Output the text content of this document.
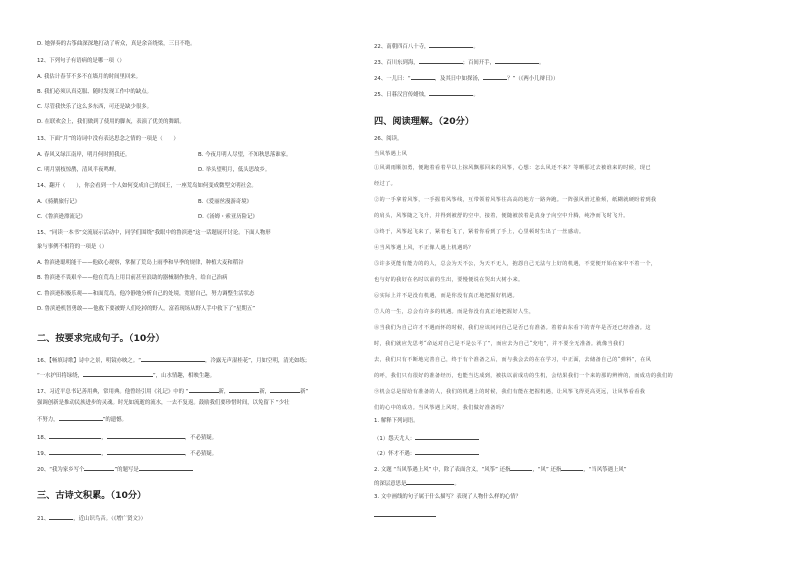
D. 她弹奏的古筝曲深深地打动了听众，真是余音绕梁，三日不绝。
12、下列句子有语病的是哪一项（）
A. 我估计春节不多不在墙月的时间里回来。
B. 我们必须认真克服、随时发现工作中的缺点。
C. 尽管我快乐了这么多东西，可还是缺少很多。
D. 在联欢会上，我们做到了使用的脚灰，表演了优美的舞蹈。
13、下面“月”的诗词中没有表达思念之情的一项是（　　）
A. 春风又绿江南岸，明月何时照我还。	B. 今夜月明人尽望，不知秋思落谁家。
C. 明月别枝惊鹊，清风半夜鸣蝉。	D. 举头望明月，低头思故乡。
14、翻开（　　），你会看到一个人如何变成自己的国王，一座荒岛如何变成微型文明社会。
A.《骑鹅旅行记》	B.《爱丽丝漫游奇境》
C.《鲁滨逊漂流记》	D.《汤姆・索亚历险记》
15、“同读一本书”交流展示活动中，同学们围绕“我眼中的鲁滨逊”这一话题展开讨论。下面人物形
象与事例不相符的一项是（）
A. 鲁滨逊聪明能干——他砍心观察，掌握了荒岛上雨季和旱季的规律，种植大麦和稻谷
B. 鲁滨逊不畏艰辛——他在荒岛上用目前甚至浪助的器械制作独舟，给自己治病
C. 鲁滨逊积极乐观——和面荒岛，他冷静地分析自己的处境，宽慰自己，努力调整生活状态
D. 鲁滨逊机智勇敢——他救下要被野人们吃掉的野人，富着现场从野人手中救下了“星期五”
二、按要求完成句子。（10分）
16、【畅填诗歌】诗中之景，明镜亦映之。“	，冷露无声湿桂花”，月如空明，清光如练；
“一水护田将绿绕，	”，山水情趣，相映生趣。
17、习近平总书记善用典，常用典。他曾经引用《礼记》中的 “	新，	新，	新”
强调创新是推动民族进步的灵魂。时光如流逝的流水，一去不复返。鼓励我们要珍惜时间，以免留下 “少壮
不努力，	”的遗憾。
18、	，	，不必猜疑。
19、	，	，不必猜疑。
20、“我为家乡写个	”的题写是
三、古诗文积累。（10分）
21、	，近山识鸟音。（《增广贤文》）
22、南朝四百八十寺，	。
23、百川东到海，	；百间开手，	。
24、一儿曰：“	，及其日中如探汤，	？”（《两小儿辩日》）
25、日暮汉宫传蜡烛，	。
四、阅读理解。（20分）
26、阅读。
当风筝遇上风
①风调雨顺加勇，便跑着看着早以上掠风飘那回来的风筝，心想：怎么风还不来？等晒那过去被谁来的时候，现已
经过了。
②的一手拿着风筝，一手握着风筝线，互带领着风筝往高高的地方一路奔跑。一阵强风滑过脸颊，纸糊就硬盼着到我
的肩头，风筝随之飞升，并得到被舒的空中，接着，便随被放着是真身子向空中升腾，纯净而飞时飞升。
③终于，风筝起飞来了，紧着也飞了，紧着你看到了手上，心里顿时生出了一丝感动。
④当风筝遇上风，不正像人遇上机遇吗？
⑤许多更能有能力的的人，总会为天不公，为天不无人，抱怨自己无法与上好的机遇，不觉便开始在家中不着一个，
也与好的我好在名时以前的生出，要慢便说在哭出大树小来。
⑥实际上并不是没有机遇，而是你没有真正地把握好机遇。
⑦人的一生，总会有许多的机遇。而是你没有真正地把握好人生，
⑧当我们为自己许才不遇而怀的时候，我们应该问问自己是否已有准备。着着由东看下的青年是否还已经准备。这
时，我们就应先思考“命运对自己是不是公平了”，而应去为自己“充电”，并不要全无准备。就像当我们
去，我们只有不断地完善自己，终于有个准备之后，而与我会去的在在学习，中正面，去储备自己的“弹料”，在风
的呼，我们只有很好的准备经历，也能当达成到，被扶以前成功的生机，会结果我们一个来的那的辨辨的，而成功的我们的
⑨机会总是留给有准备的人，我们的机遇上的时候，我们有能在把握机遇，让风筝飞得更高更远，让风筝看看我
们的心中的成功。当风筝遇上风时，我们做好准备吗？
1. 解释下列词语。
（1）怨天尤人：
（2）怀才不遇：
2. 文题 “当风筝遇上风” 中，除了表面含义，“风筝” 还指	，“风” 还指	，“当风筝遇上风”
的深层意思是	。
3. 文中画线的句子属于什么描写？表现了人物什么样的心情？
